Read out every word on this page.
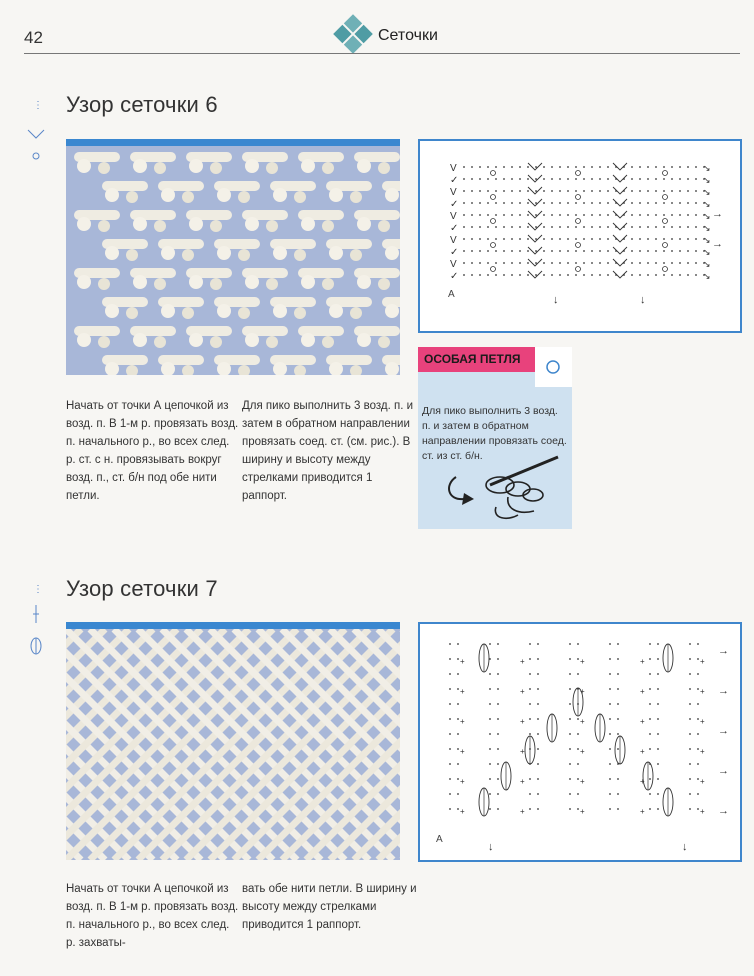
42	Сеточки
⋮ Узор сеточки 6
V	↘
✓	↘
V	↘
✓	↘
V	↘
✓	↘
V	↘
✓	↘
V	↘
✓	↘
→
→
↓	↓
А
ОСОБАЯ ПЕТЛЯ
Для пико выполнить 3 возд. п. и затем в обратном направлении провязать соед. ст. из ст. б/н.
Начать от точки А цепочкой из возд. п. В 1-м р. провязать возд. п. начального р., во всех след. р. ст. с н. провязывать вокруг возд. п., ст. б/н под обе нити петли.
Для пико выполнить 3 возд. п. и затем в обратном направлении провязать соед. ст. (см. рис.). В ширину и высоту между стрелками приводится 1 раппорт.
⋮ Узор сеточки 7
+	+	+	+	+
+	+	+	+	+
+	+	+	+	+
+	+	+	+	+
+	+	+	+	+
+	+	+	+	+
→
→
→
→
→
↓	↓
А
Начать от точки А цепочкой из возд. п. В 1-м р. провязать возд. п. начального р., во всех след. р. захваты-
вать обе нити петли. В ширину и высоту между стрелками приводится 1 раппорт.
